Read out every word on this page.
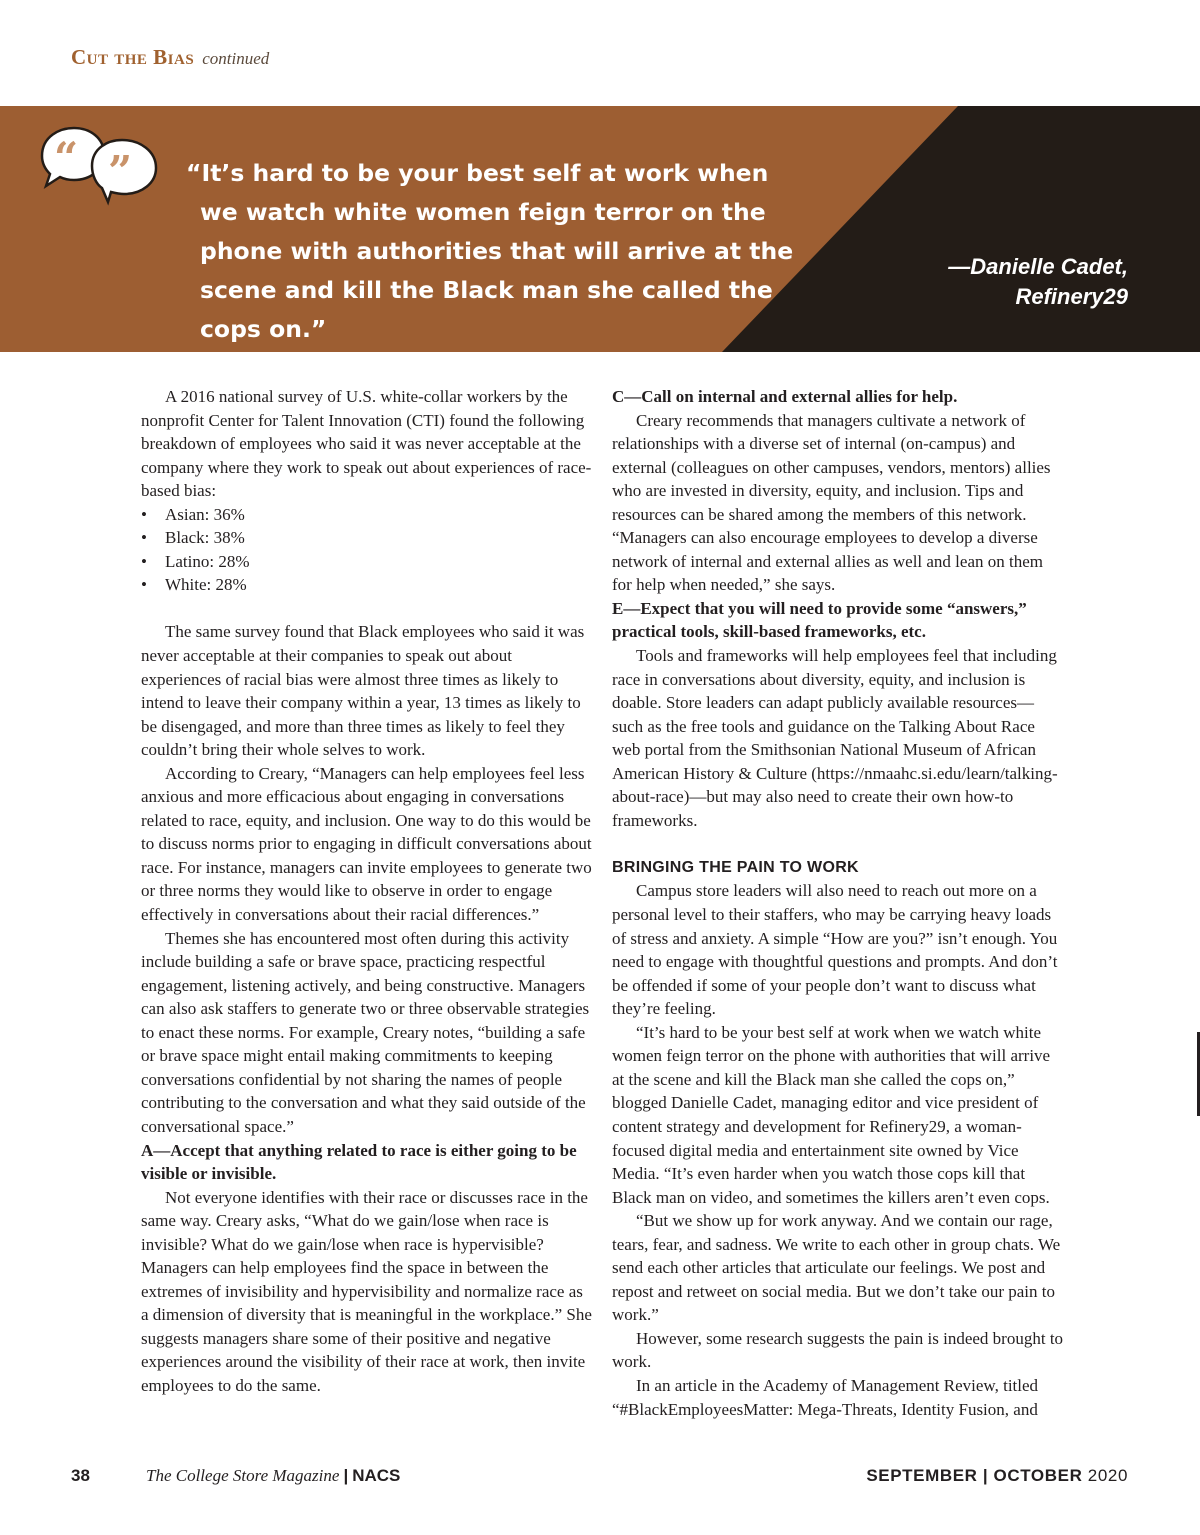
Cut the Bias continued
“ ” “It’s hard to be your best self at work when we watch white women feign terror on the phone with authorities that will arrive at the scene and kill the Black man she called the cops on.”
—Danielle Cadet,
Refinery29

A 2016 national survey of U.S. white-collar workers by the nonprofit Center for Talent Innovation (CTI) found the following breakdown of employees who said it was never acceptable at the company where they work to speak out about experiences of race-based bias:

• Asian: 36%
• Black: 38%
• Latino: 28%
• White: 28%

The same survey found that Black employees who said it was never acceptable at their companies to speak out about experiences of racial bias were almost three times as likely to intend to leave their company within a year, 13 times as likely to be disengaged, and more than three times as likely to feel they couldn’t bring their whole selves to work.

According to Creary, “Managers can help employees feel less anxious and more efficacious about engaging in conversations related to race, equity, and inclusion. One way to do this would be to discuss norms prior to engaging in difficult conversations about race. For instance, managers can invite employees to generate two or three norms they would like to observe in order to engage effectively in conversations about their racial differences.”

Themes she has encountered most often during this activity include building a safe or brave space, practicing respectful engagement, listening actively, and being constructive. Managers can also ask staffers to generate two or three observable strategies to enact these norms. For example, Creary notes, “building a safe or brave space might entail making commitments to keeping conversations confidential by not sharing the names of people contributing to the conversation and what they said outside of the conversational space.”

A—Accept that anything related to race is either going to be visible or invisible.

Not everyone identifies with their race or discusses race in the same way. Creary asks, “What do we gain/lose when race is invisible? What do we gain/lose when race is hypervisible? Managers can help employees find the space in between the extremes of invisibility and hypervisibility and normalize race as a dimension of diversity that is meaningful in the workplace.” She suggests managers share some of their positive and negative experiences around the visibility of their race at work, then invite employees to do the same.

C—Call on internal and external allies for help.

Creary recommends that managers cultivate a network of relationships with a diverse set of internal (on-campus) and external (colleagues on other campuses, vendors, mentors) allies who are invested in diversity, equity, and inclusion. Tips and resources can be shared among the members of this network. “Managers can also encourage employees to develop a diverse network of internal and external allies as well and lean on them for help when needed,” she says.

E—Expect that you will need to provide some “answers,” practical tools, skill-based frameworks, etc.

Tools and frameworks will help employees feel that including race in conversations about diversity, equity, and inclusion is doable. Store leaders can adapt publicly available resources—such as the free tools and guidance on the Talking About Race web portal from the Smithsonian National Museum of African American History & Culture (https://nmaahc.si.edu/learn/talking-about-race)—but may also need to create their own how-to frameworks.

BRINGING THE PAIN TO WORK

Campus store leaders will also need to reach out more on a personal level to their staffers, who may be carrying heavy loads of stress and anxiety. A simple “How are you?” isn’t enough. You need to engage with thoughtful questions and prompts. And don’t be offended if some of your people don’t want to discuss what they’re feeling.

“It’s hard to be your best self at work when we watch white women feign terror on the phone with authorities that will arrive at the scene and kill the Black man she called the cops on,” blogged Danielle Cadet, managing editor and vice president of content strategy and development for Refinery29, a woman-focused digital media and entertainment site owned by Vice Media. “It’s even harder when you watch those cops kill that Black man on video, and sometimes the killers aren’t even cops.

“But we show up for work anyway. And we contain our rage, tears, fear, and sadness. We write to each other in group chats. We send each other articles that articulate our feelings. We post and repost and retweet on social media. But we don’t take our pain to work.”

However, some research suggests the pain is indeed brought to work.

In an article in the Academy of Management Review, titled “#BlackEmployeesMatter: Mega-Threats, Identity Fusion, and

38	The College Store Magazine | NACS	SEPTEMBER | OCTOBER 2020
